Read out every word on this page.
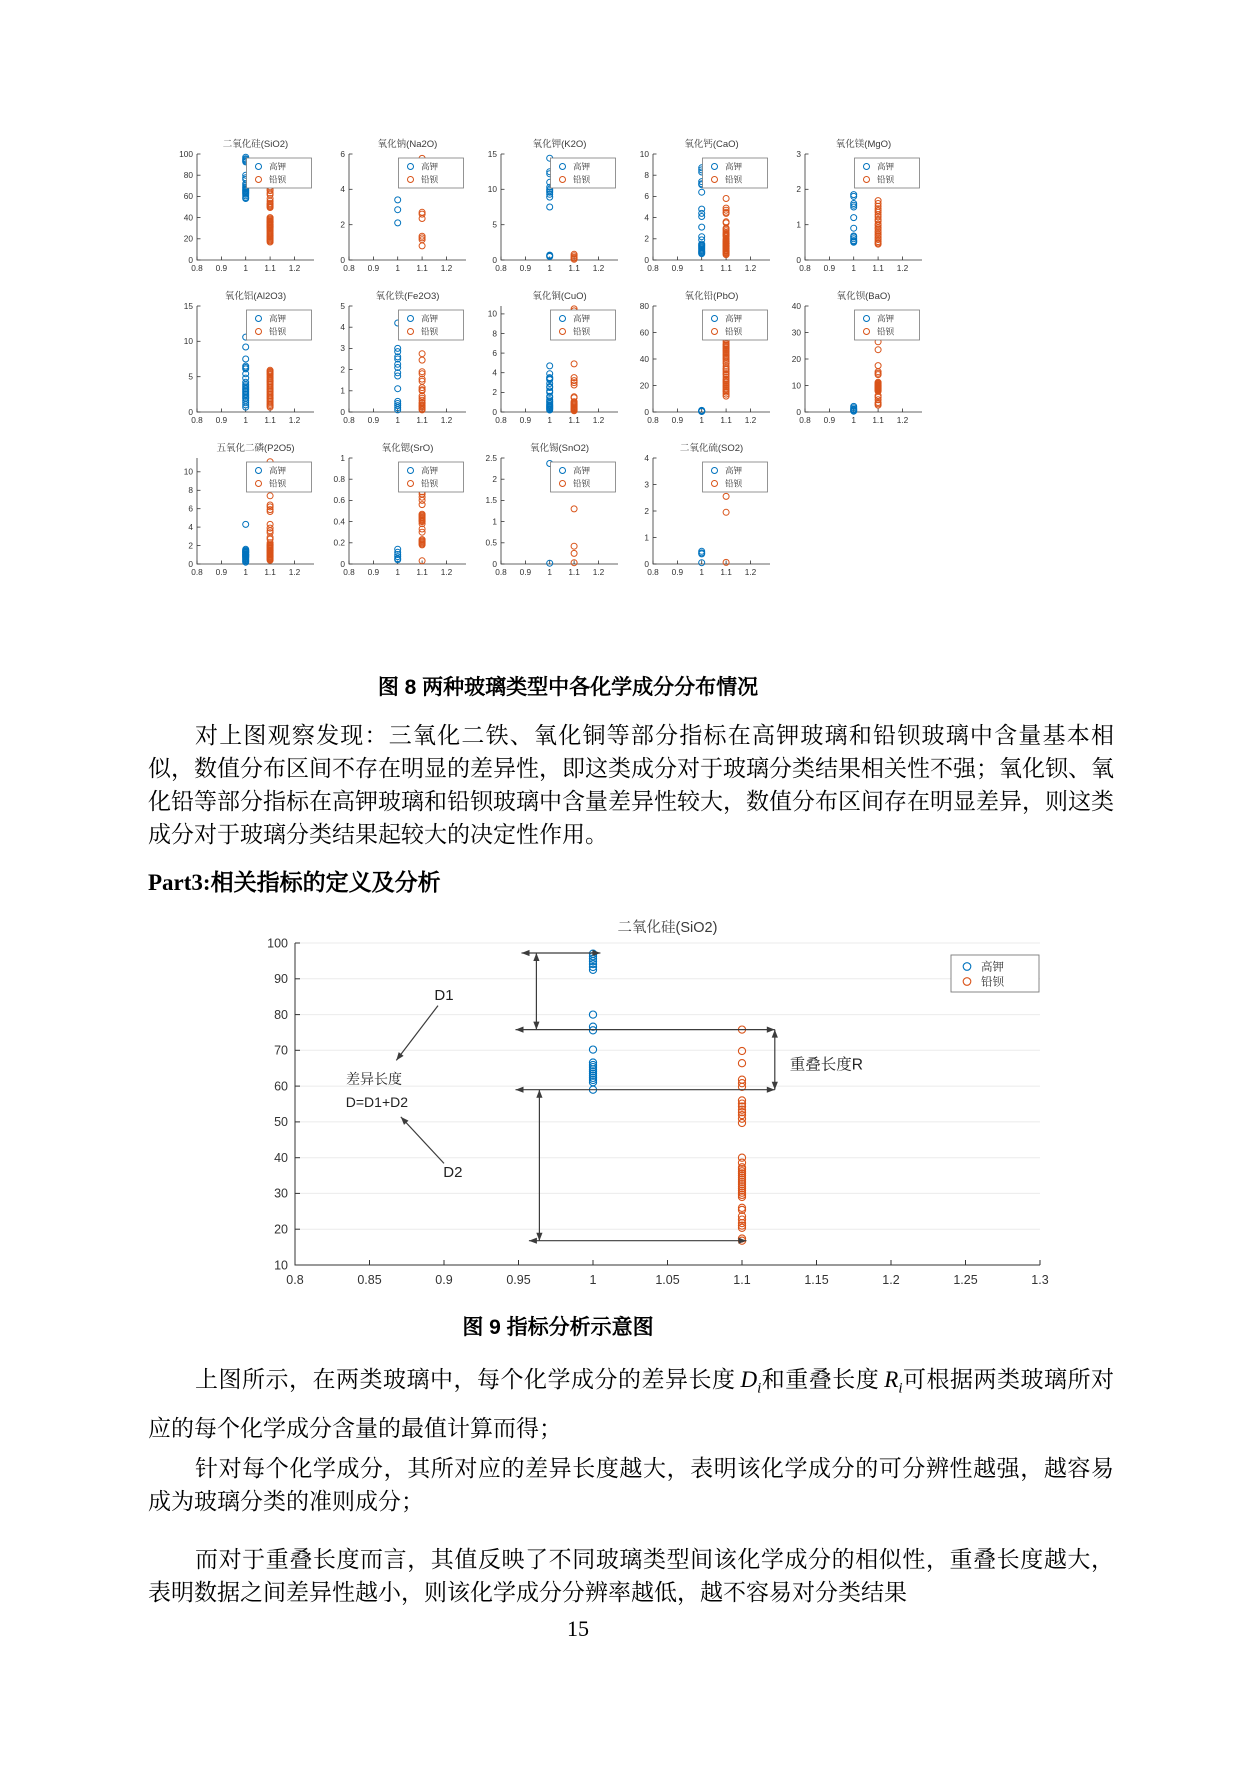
二氧化硅(SiO2)
0
20
40
60
80
100
0.8 0.9 1 1.1 1.2
高钾
铅钡
氧化钠(Na2O)
0
2
4
6
0.8 0.9 1 1.1 1.2
高钾
铅钡
氧化钾(K2O)
0
5
10
15
0.8 0.9 1 1.1 1.2
高钾
铅钡
氧化钙(CaO)
0
2
4
6
8
10
0.8 0.9 1 1.1 1.2
高钾
铅钡
氧化镁(MgO)
0
1
2
3
0.8 0.9 1 1.1 1.2
高钾
铅钡
氧化铝(Al2O3)
0
5
10
15
0.8 0.9 1 1.1 1.2
高钾
铅钡
氧化铁(Fe2O3)
0
1
2
3
4
5
0.8 0.9 1 1.1 1.2
高钾
铅钡
氧化铜(CuO)
0
2
4
6
8
10
0.8 0.9 1 1.1 1.2
高钾
铅钡
氧化铅(PbO)
0
20
40
60
80
0.8 0.9 1 1.1 1.2
高钾
铅钡
氧化钡(BaO)
0
10
20
30
40
0.8 0.9 1 1.1 1.2
高钾
铅钡
五氧化二磷(P2O5)
0
2
4
6
8
10
0.8 0.9 1 1.1 1.2
高钾
铅钡
氧化锶(SrO)
0
0.2
0.4
0.6
0.8
1
0.8 0.9 1 1.1 1.2
高钾
铅钡
氧化锡(SnO2)
0
0.5
1
1.5
2
2.5
0.8 0.9 1 1.1 1.2
高钾
铅钡
二氧化硫(SO2)
0
1
2
3
4
0.8 0.9 1 1.1 1.2
高钾
铅钡
图 8 两种玻璃类型中各化学成分分布情况

对上图观察发现：三氧化二铁、氧化铜等部分指标在高钾玻璃和铅钡玻璃中含量基本相似，数值分布区间不存在明显的差异性，即这类成分对于玻璃分类结果相关性不强；氧化钡、氧化铅等部分指标在高钾玻璃和铅钡玻璃中含量差异性较大，数值分布区间存在明显差异，则这类成分对于玻璃分类结果起较大的决定性作用。

Part3:相关指标的定义及分析
二氧化硅(SiO2)
10
20
30
40
50
60
70
80
90
100
0.8	0.85	0.9	0.95	1	1.05	1.1	1.15	1.2	1.25	1.3
D1
D2
差异长度
D=D1+D2
重叠长度R
高钾
铅钡
图 9 指标分析示意图

上图所示，在两类玻璃中，每个化学成分的差异长度 $D_i$和重叠长度 $R_i$可根据两类玻璃所对应的每个化学成分含量的最值计算而得；

针对每个化学成分，其所对应的差异长度越大，表明该化学成分的可分辨性越强，越容易成为玻璃分类的准则成分；

而对于重叠长度而言，其值反映了不同玻璃类型间该化学成分的相似性，重叠长度越大，表明数据之间差异性越小，则该化学成分分辨率越低，越不容易对分类结果

15
